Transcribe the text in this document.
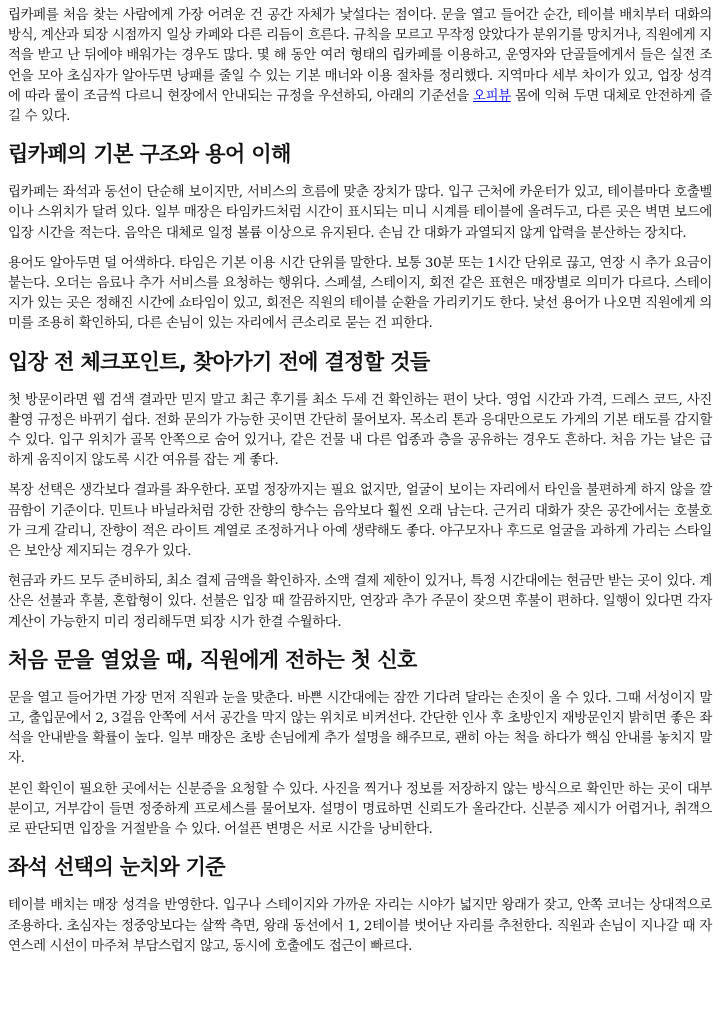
립카페를 처음 찾는 사람에게 가장 어려운 건 공간 자체가 낯설다는 점이다. 문을 열고 들어간 순간, 테이블 배치부터 대화의 방식, 계산과 퇴장 시점까지 일상 카페와 다른 리듬이 흐른다. 규칙을 모르고 무작정 앉았다가 분위기를 망치거나, 직원에게 지적을 받고 난 뒤에야 배워가는 경우도 많다. 몇 해 동안 여러 형태의 립카페를 이용하고, 운영자와 단골들에게서 들은 실전 조언을 모아 초심자가 알아두면 낭패를 줄일 수 있는 기본 매너와 이용 절차를 정리했다. 지역마다 세부 차이가 있고, 업장 성격에 따라 룰이 조금씩 다르니 현장에서 안내되는 규정을 우선하되, 아래의 기준선을 오피뷰 몸에 익혀 두면 대체로 안전하게 즐길 수 있다.

립카페의 기본 구조와 용어 이해

립카페는 좌석과 동선이 단순해 보이지만, 서비스의 흐름에 맞춘 장치가 많다. 입구 근처에 카운터가 있고, 테이블마다 호출벨이나 스위치가 달려 있다. 일부 매장은 타임카드처럼 시간이 표시되는 미니 시계를 테이블에 올려두고, 다른 곳은 벽면 보드에 입장 시간을 적는다. 음악은 대체로 일정 볼륨 이상으로 유지된다. 손님 간 대화가 과열되지 않게 압력을 분산하는 장치다.

용어도 알아두면 덜 어색하다. 타임은 기본 이용 시간 단위를 말한다. 보통 30분 또는 1시간 단위로 끊고, 연장 시 추가 요금이 붙는다. 오더는 음료나 추가 서비스를 요청하는 행위다. 스페셜, 스테이지, 회전 같은 표현은 매장별로 의미가 다르다. 스테이지가 있는 곳은 정해진 시간에 쇼타임이 있고, 회전은 직원의 테이블 순환을 가리키기도 한다. 낯선 용어가 나오면 직원에게 의미를 조용히 확인하되, 다른 손님이 있는 자리에서 큰소리로 묻는 건 피한다.

입장 전 체크포인트, 찾아가기 전에 결정할 것들

첫 방문이라면 웹 검색 결과만 믿지 말고 최근 후기를 최소 두세 건 확인하는 편이 낫다. 영업 시간과 가격, 드레스 코드, 사진 촬영 규정은 바뀌기 쉽다. 전화 문의가 가능한 곳이면 간단히 물어보자. 목소리 톤과 응대만으로도 가게의 기본 태도를 감지할 수 있다. 입구 위치가 골목 안쪽으로 숨어 있거나, 같은 건물 내 다른 업종과 층을 공유하는 경우도 흔하다. 처음 가는 날은 급하게 움직이지 않도록 시간 여유를 잡는 게 좋다.

복장 선택은 생각보다 결과를 좌우한다. 포멀 정장까지는 필요 없지만, 얼굴이 보이는 자리에서 타인을 불편하게 하지 않을 깔끔함이 기준이다. 민트나 바닐라처럼 강한 잔향의 향수는 음악보다 훨씬 오래 남는다. 근거리 대화가 잦은 공간에서는 호불호가 크게 갈리니, 잔향이 적은 라이트 계열로 조정하거나 아예 생략해도 좋다. 야구모자나 후드로 얼굴을 과하게 가리는 스타일은 보안상 제지되는 경우가 있다.

현금과 카드 모두 준비하되, 최소 결제 금액을 확인하자. 소액 결제 제한이 있거나, 특정 시간대에는 현금만 받는 곳이 있다. 계산은 선불과 후불, 혼합형이 있다. 선불은 입장 때 깔끔하지만, 연장과 추가 주문이 잦으면 후불이 편하다. 일행이 있다면 각자 계산이 가능한지 미리 정리해두면 퇴장 시가 한결 수월하다.

처음 문을 열었을 때, 직원에게 전하는 첫 신호

문을 열고 들어가면 가장 먼저 직원과 눈을 맞춘다. 바쁜 시간대에는 잠깐 기다려 달라는 손짓이 올 수 있다. 그때 서성이지 말고, 출입문에서 2, 3걸음 안쪽에 서서 공간을 막지 않는 위치로 비켜선다. 간단한 인사 후 초방인지 재방문인지 밝히면 좋은 좌석을 안내받을 확률이 높다. 일부 매장은 초방 손님에게 추가 설명을 해주므로, 괜히 아는 척을 하다가 핵심 안내를 놓치지 말자.

본인 확인이 필요한 곳에서는 신분증을 요청할 수 있다. 사진을 찍거나 정보를 저장하지 않는 방식으로 확인만 하는 곳이 대부분이고, 거부감이 들면 정중하게 프로세스를 물어보자. 설명이 명료하면 신뢰도가 올라간다. 신분증 제시가 어렵거나, 취객으로 판단되면 입장을 거절받을 수 있다. 어설픈 변명은 서로 시간을 낭비한다.

좌석 선택의 눈치와 기준

테이블 배치는 매장 성격을 반영한다. 입구나 스테이지와 가까운 자리는 시야가 넓지만 왕래가 잦고, 안쪽 코너는 상대적으로 조용하다. 초심자는 정중앙보다는 살짝 측면, 왕래 동선에서 1, 2테이블 벗어난 자리를 추천한다. 직원과 손님이 지나갈 때 자연스레 시선이 마주쳐 부담스럽지 않고, 동시에 호출에도 접근이 빠르다.
